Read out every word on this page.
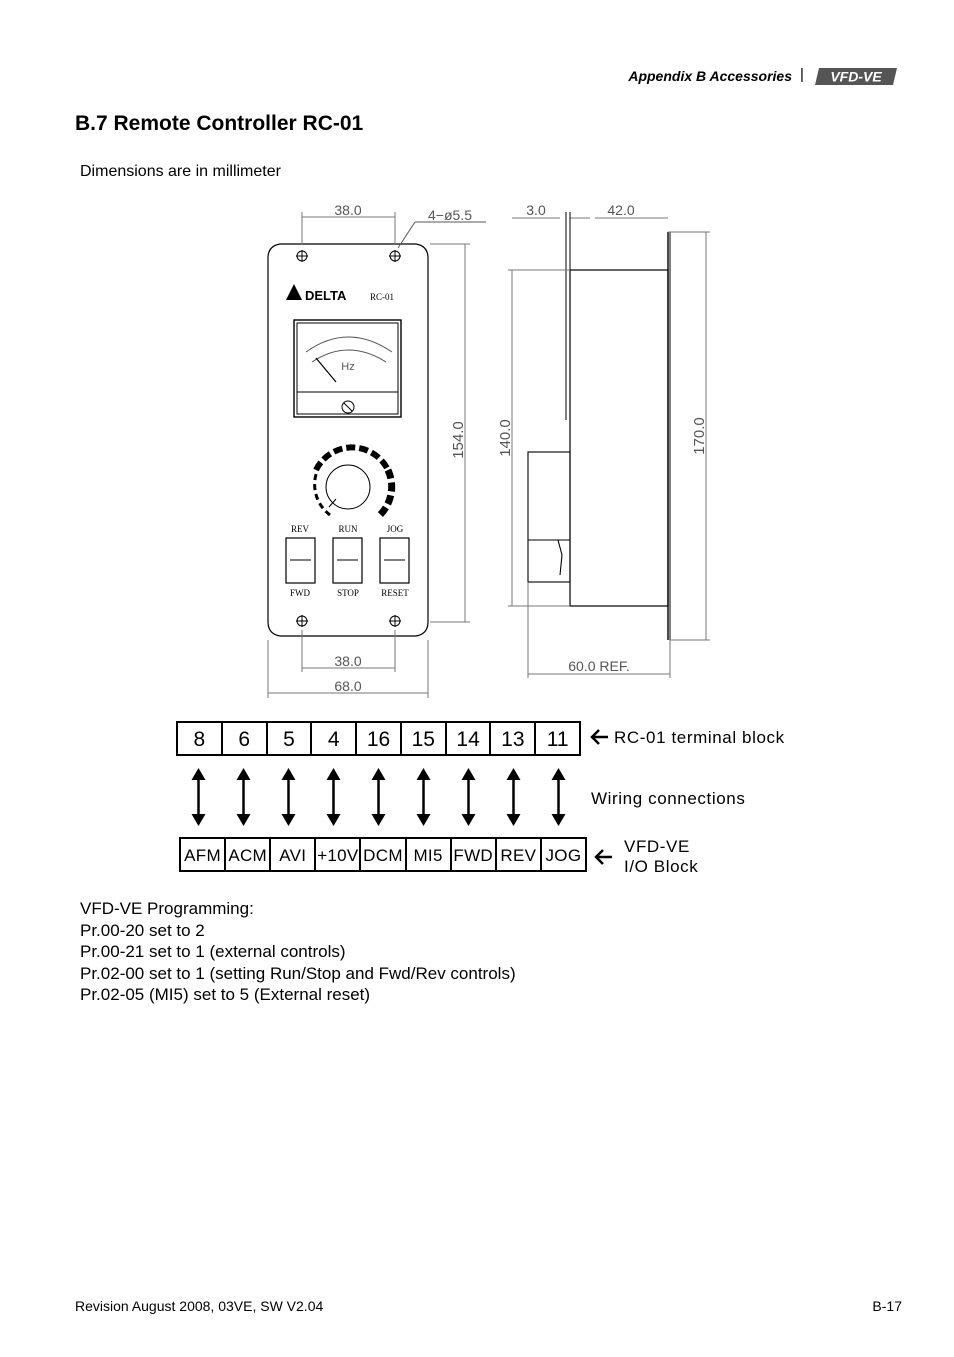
Appendix B Accessories | VFD-VE
B.7 Remote Controller RC-01
Dimensions are in millimeter
38.0	4−ø5.5
DELTA	RC-01
Hz
REV	RUN	JOG
FWD	STOP RESET
38.0
68.0
154.0
3.0	42.0
170.0
140.0
60.0 REF.
8	6	5	4	16	15	14	13	11	RC-01 terminal block
Wiring connections
AFM ACM AVI +10V DCM MI5 FWD REV JOG	VFD-VE
I/O Block
VFD-VE Programming:
Pr.00-20 set to 2
Pr.00-21 set to 1 (external controls)
Pr.02-00 set to 1 (setting Run/Stop and Fwd/Rev controls)
Pr.02-05 (MI5) set to 5 (External reset)
Revision August 2008, 03VE, SW V2.04	B-17
